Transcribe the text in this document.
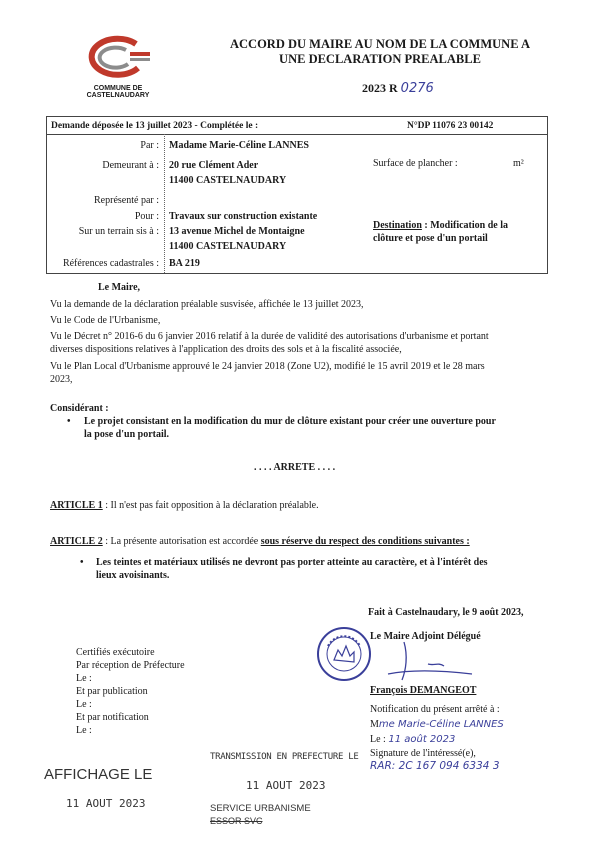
COMMUNE DE
CASTELNAUDARY
ACCORD DU MAIRE AU NOM DE LA COMMUNE A
UNE DECLARATION PREALABLE
2023 R 0276
Demande déposée le 13 juillet 2023 - Complétée le :	N°DP 11076 23 00142
Par : Madame Marie-Céline LANNES
Demeurant à : 20 rue Clément Ader
11400 CASTELNAUDARY
Surface de plancher :	m²
Représenté par :
Pour : Travaux sur construction existante
Sur un terrain sis à : 13 avenue Michel de Montaigne
11400 CASTELNAUDARY
Destination : Modification de la
clôture et pose d'un portail
Références cadastrales : BA 219
Le Maire,
Vu la demande de la déclaration préalable susvisée, affichée le 13 juillet 2023,
Vu le Code de l'Urbanisme,
Vu le Décret n° 2016-6 du 6 janvier 2016 relatif à la durée de validité des autorisations d'urbanisme et portant
diverses dispositions relatives à l'application des droits des sols et à la fiscalité associée,
Vu le Plan Local d'Urbanisme approuvé le 24 janvier 2018 (Zone U2), modifié le 15 avril 2019 et le 28 mars
2023,
Considérant :
• Le projet consistant en la modification du mur de clôture existant pour créer une ouverture pour
la pose d'un portail.
. . . . ARRETE . . . .
ARTICLE 1 : Il n'est pas fait opposition à la déclaration préalable.
ARTICLE 2 : La présente autorisation est accordée sous réserve du respect des conditions suivantes :
• Les teintes et matériaux utilisés ne devront pas porter atteinte au caractère, et à l'intérêt des
lieux avoisinants.
Fait à Castelnaudary, le 9 août 2023,
Le Maire Adjoint Délégué
François DEMANGEOT
Certifiés exécutoire
Par réception de Préfecture
Le :
Et par publication
Le :
Et par notification
Le :
Notification du présent arrêté à :
Mme Marie-Céline LANNES
Le : 11 août 2023
Signature de l'intéressé(e),
RAR: 2C 167 094 6334 3
AFFICHAGE LE
11 AOUT 2023
TRANSMISSION EN PREFECTURE LE
11 AOUT 2023
SERVICE URBANISME
ESSOR SVC
